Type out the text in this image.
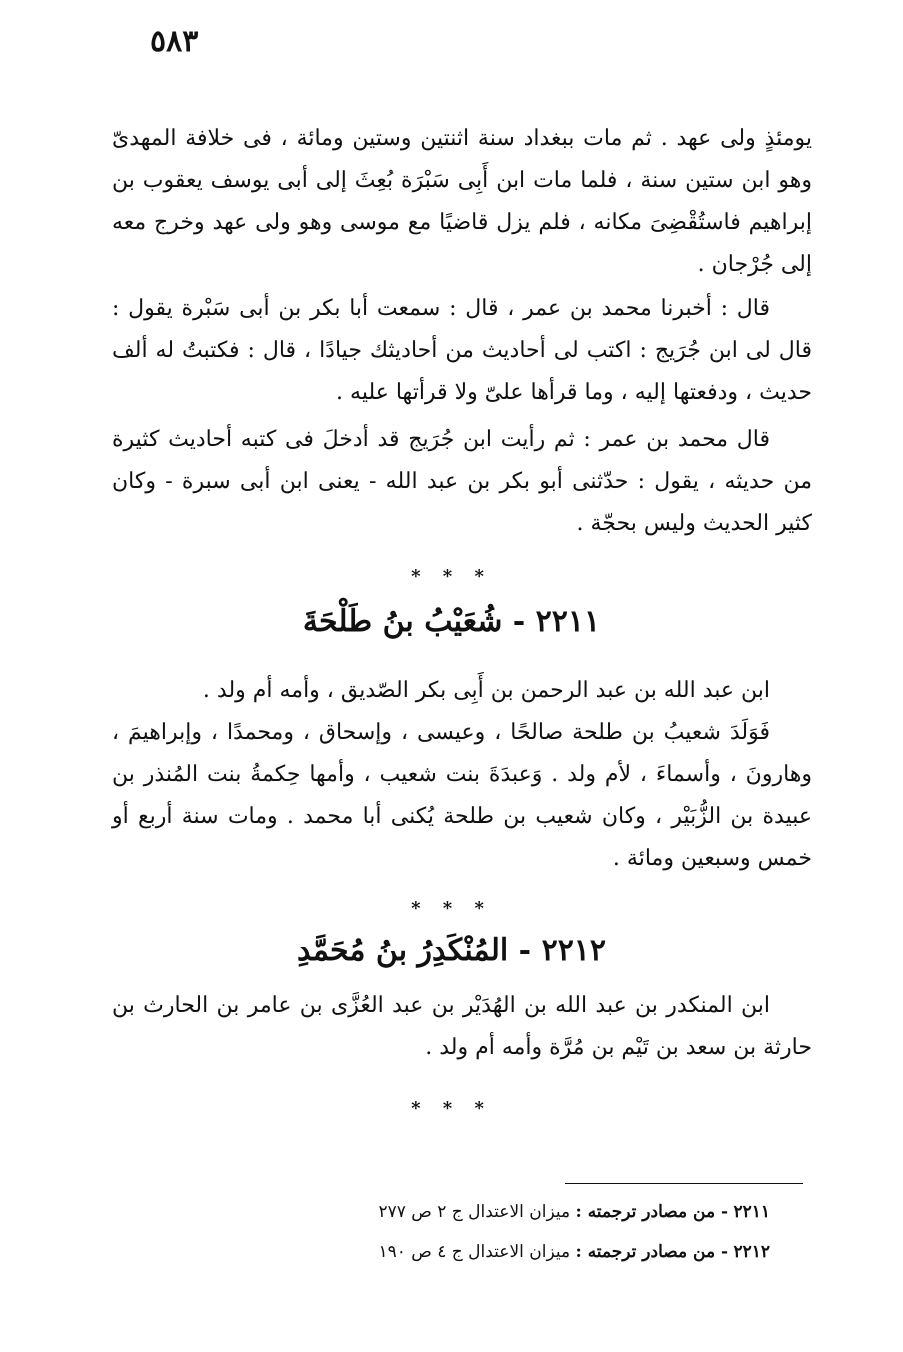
٥٨٣

يومئذٍ ولى عهد . ثم مات ببغداد سنة اثنتين وستين ومائة ، فى خلافة المهدىّ وهو ابن ستين سنة ، فلما مات ابن أَبِى سَبْرَة بُعِثَ إلى أبى يوسف يعقوب بن إبراهيم فاستُقْضِىَ مكانه ، فلم يزل قاضيًا مع موسى وهو ولى عهد وخرج معه إلى جُرْجان .

قال : أخبرنا محمد بن عمر ، قال : سمعت أبا بكر بن أبى سَبْرة يقول : قال لى ابن جُرَيج : اكتب لى أحاديث من أحاديثك جيادًا ، قال : فكتبتُ له ألف حديث ، ودفعتها إليه ، وما قرأها علىّ ولا قرأتها عليه .

قال محمد بن عمر : ثم رأيت ابن جُرَيج قد أدخلَ فى كتبه أحاديث كثيرة من حديثه ، يقول : حدّثنى أبو بكر بن عبد الله - يعنى ابن أبى سبرة - وكان كثير الحديث وليس بحجّة .

* * *
٢٢١١ - شُعَيْبُ بنُ طَلْحَةَ

ابن عبد الله بن عبد الرحمن بن أَبِى بكر الصّديق ، وأمه أم ولد .

فَوَلَدَ شعيبُ بن طلحة صالحًا ، وعيسى ، وإسحاق ، ومحمدًا ، وإبراهيمَ ، وهارونَ ، وأسماءَ ، لأم ولد . وَعبدَةَ بنت شعيب ، وأمها حِكمةُ بنت المُنذر بن عبيدة بن الزُّبَيْر ، وكان شعيب بن طلحة يُكنى أبا محمد . ومات سنة أربع أو خمس وسبعين ومائة .

* * *
٢٢١٢ - المُنْكَدِرُ بنُ مُحَمَّدِ

ابن المنكدر بن عبد الله بن الهُدَيْر بن عبد العُزَّى بن عامر بن الحارث بن حارثة بن سعد بن تَيْم بن مُرَّة وأمه أم ولد .

* * *
٢٢١١ - من مصادر ترجمته : ميزان الاعتدال ج ٢ ص ٢٧٧
٢٢١٢ - من مصادر ترجمته : ميزان الاعتدال ج ٤ ص ١٩٠
